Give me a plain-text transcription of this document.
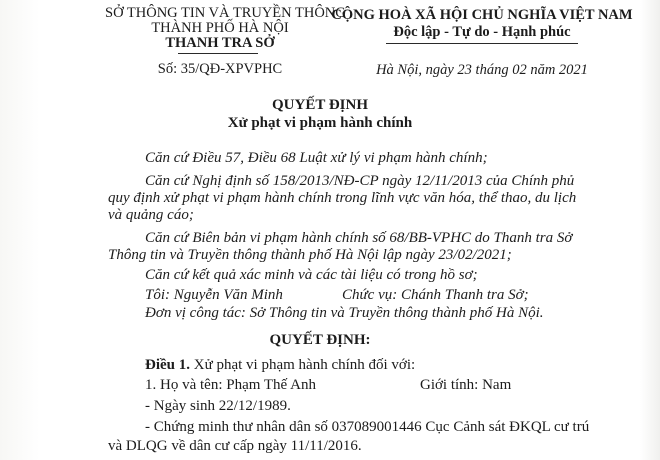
SỞ THÔNG TIN VÀ TRUYỀN THÔNG
THÀNH PHỐ HÀ NỘI
THANH TRA SỞ
Số: 35/QĐ-XPVPHC
CỘNG HOÀ XÃ HỘI CHỦ NGHĨA VIỆT NAM
Độc lập - Tự do - Hạnh phúc
Hà Nội, ngày 23 tháng 02 năm 2021
QUYẾT ĐỊNH
Xử phạt vi phạm hành chính
Căn cứ Điều 57, Điều 68 Luật xử lý vi phạm hành chính;
Căn cứ Nghị định số 158/2013/NĐ-CP ngày 12/11/2013 của Chính phủ
quy định xử phạt vi phạm hành chính trong lĩnh vực văn hóa, thể thao, du lịch
và quảng cáo;
Căn cứ Biên bản vi phạm hành chính số 68/BB-VPHC do Thanh tra Sở
Thông tin và Truyền thông thành phố Hà Nội lập ngày 23/02/2021;
Căn cứ kết quả xác minh và các tài liệu có trong hồ sơ;
Tôi: Nguyễn Văn Minh	Chức vụ: Chánh Thanh tra Sở;
Đơn vị công tác: Sở Thông tin và Truyền thông thành phố Hà Nội.
QUYẾT ĐỊNH:
Điều 1. Xử phạt vi phạm hành chính đối với:
1. Họ và tên: Phạm Thế Anh	Giới tính: Nam
- Ngày sinh 22/12/1989.
- Chứng minh thư nhân dân số 037089001446 Cục Cảnh sát ĐKQL cư trú
và DLQG về dân cư cấp ngày 11/11/2016.
